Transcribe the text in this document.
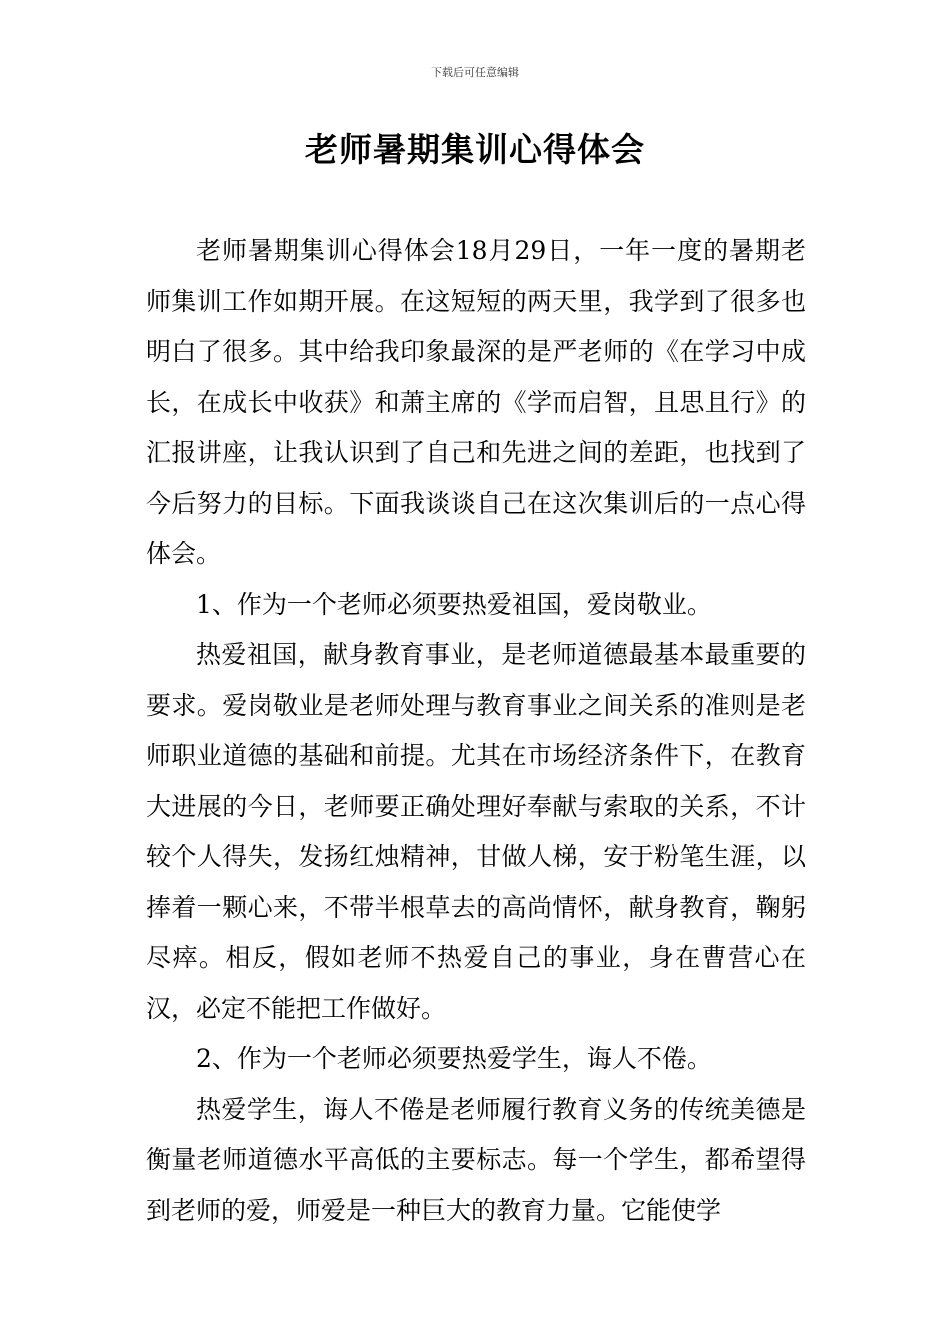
下载后可任意编辑
老师暑期集训心得体会

老师暑期集训心得体会18月29日，一年一度的暑期老师集训工作如期开展。在这短短的两天里，我学到了很多也明白了很多。其中给我印象最深的是严老师的《在学习中成长，在成长中收获》和萧主席的《学而启智，且思且行》的汇报讲座，让我认识到了自己和先进之间的差距，也找到了今后努力的目标。下面我谈谈自己在这次集训后的一点心得体会。

1、作为一个老师必须要热爱祖国，爱岗敬业。

热爱祖国，献身教育事业，是老师道德最基本最重要的要求。爱岗敬业是老师处理与教育事业之间关系的准则是老师职业道德的基础和前提。尤其在市场经济条件下，在教育大进展的今日，老师要正确处理好奉献与索取的关系，不计较个人得失，发扬红烛精神，甘做人梯，安于粉笔生涯，以捧着一颗心来，不带半根草去的高尚情怀，献身教育，鞠躬尽瘁。相反，假如老师不热爱自己的事业，身在曹营心在汉，必定不能把工作做好。

2、作为一个老师必须要热爱学生，诲人不倦。

热爱学生，诲人不倦是老师履行教育义务的传统美德是衡量老师道德水平高低的主要标志。每一个学生，都希望得到老师的爱，师爱是一种巨大的教育力量。它能使学
